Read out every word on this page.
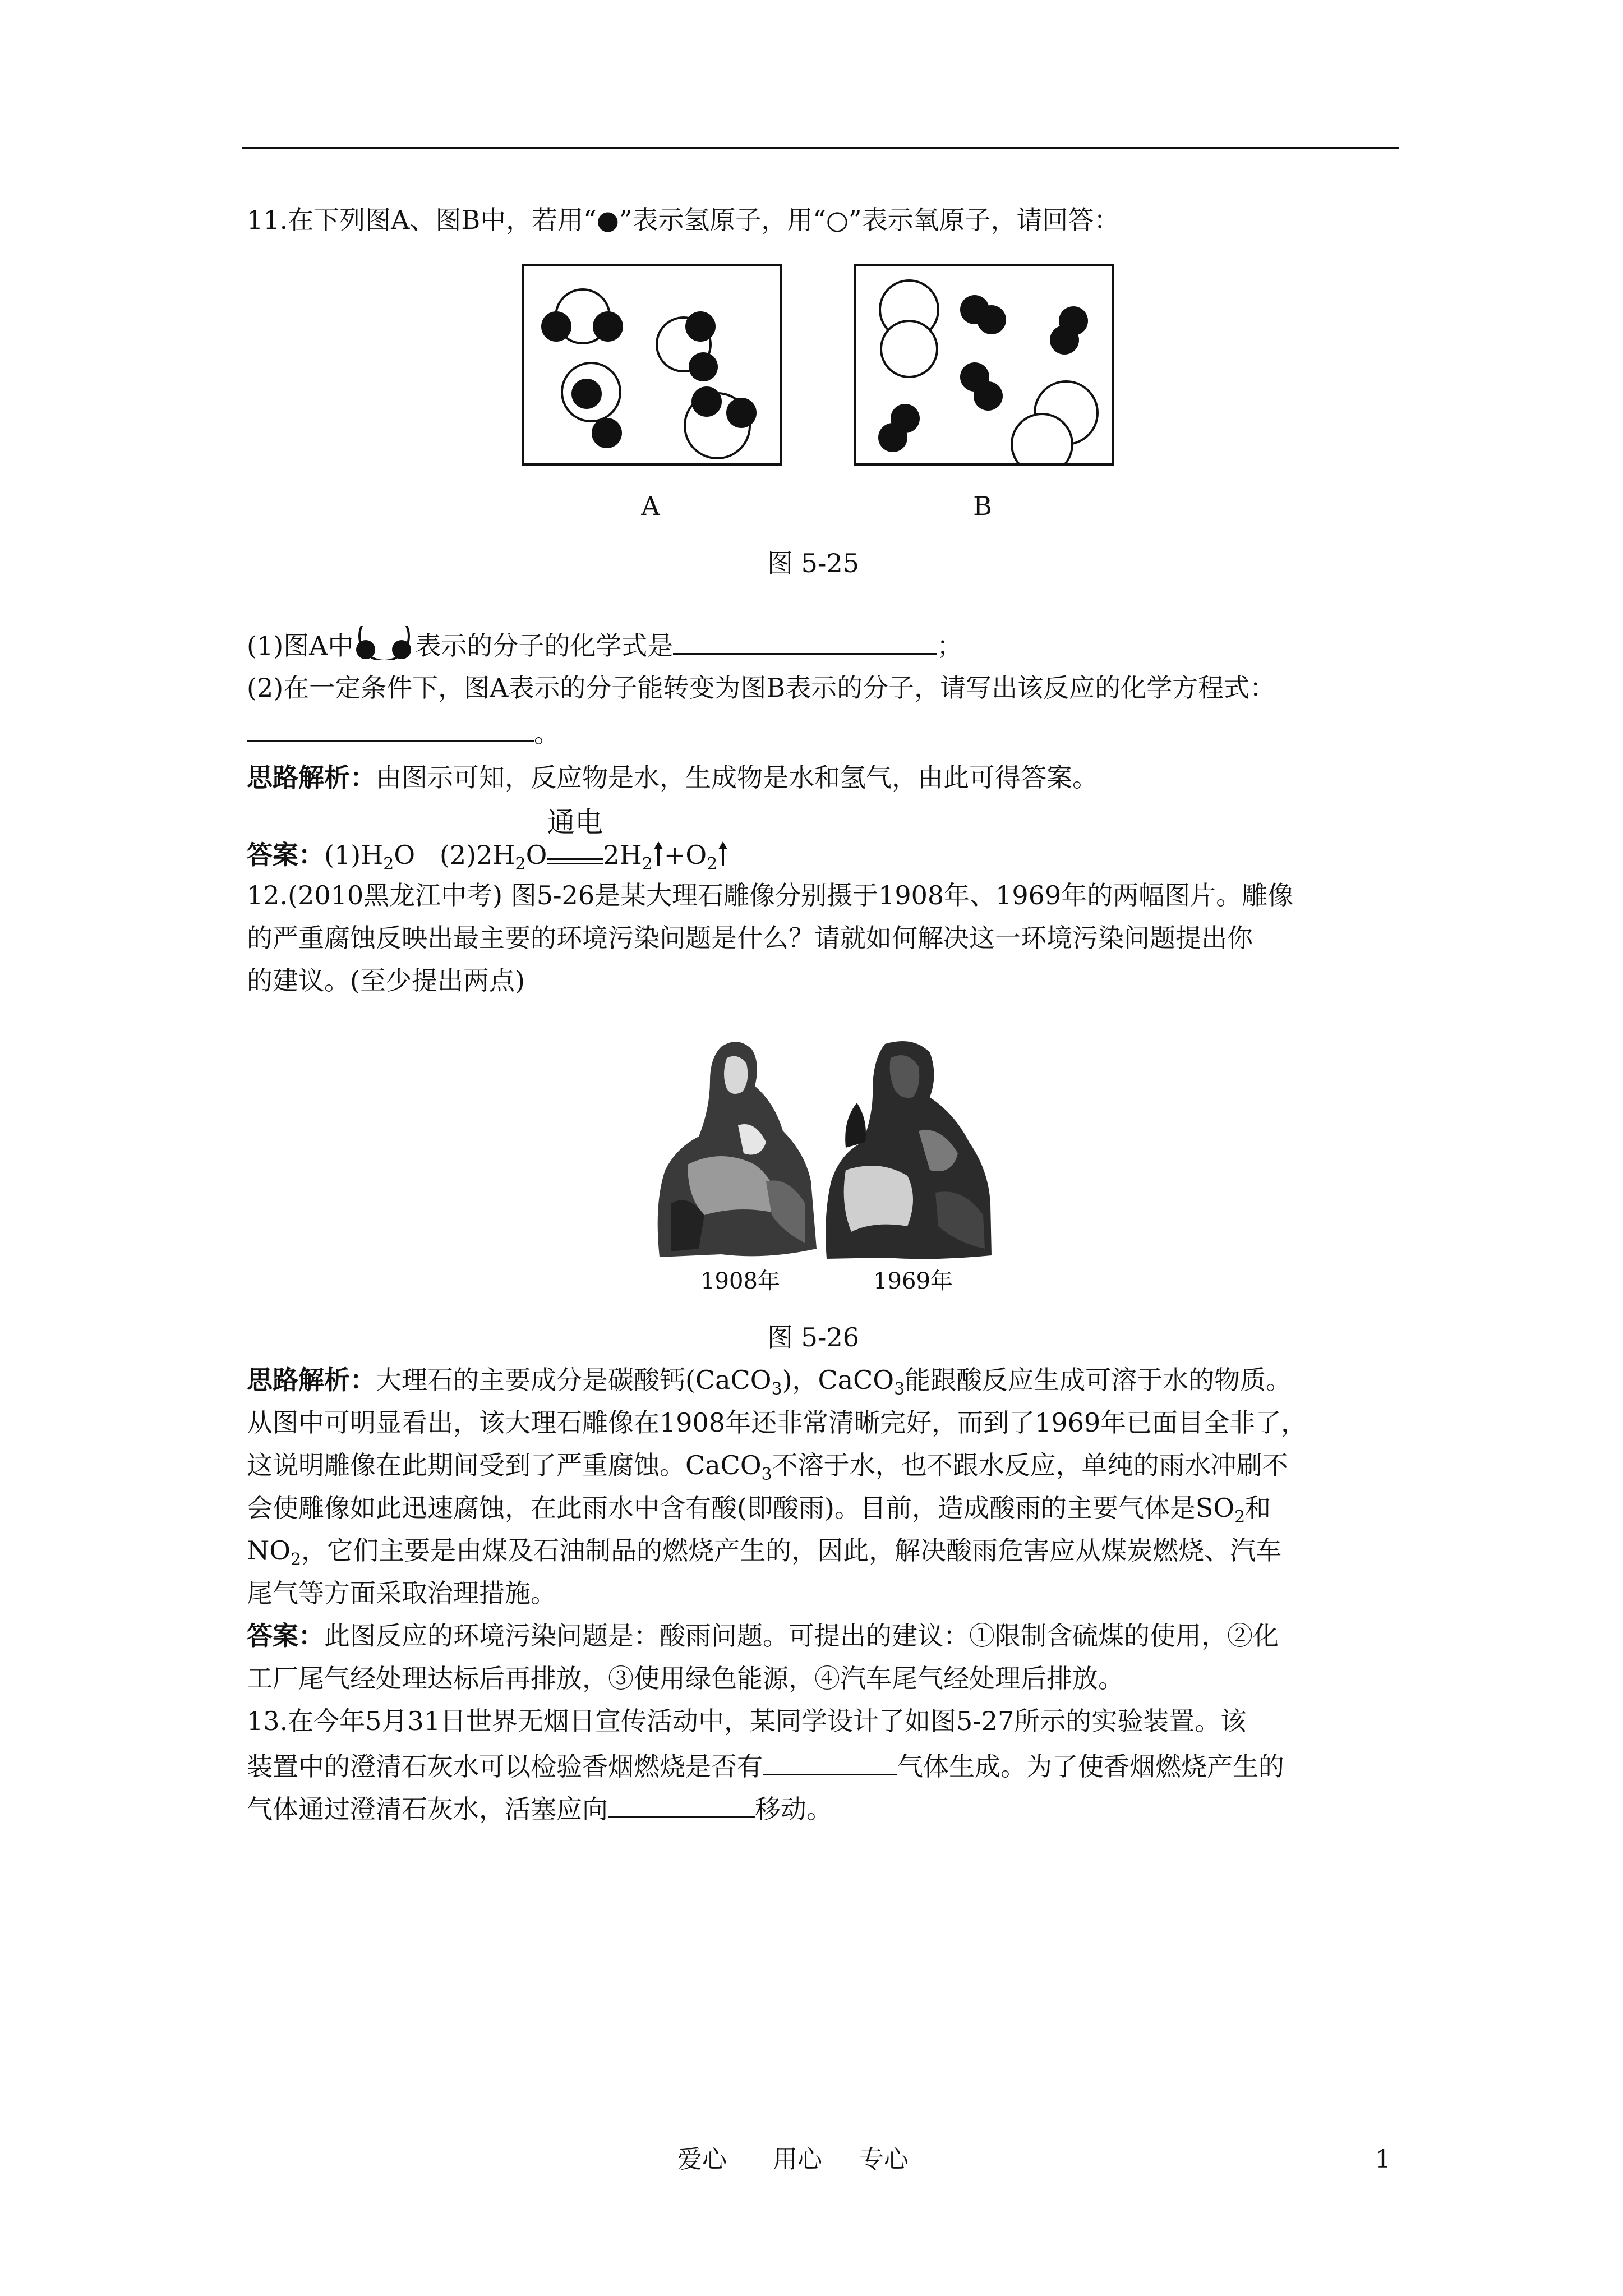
11.在下列图A、图B中，若用“●”表示氢原子，用“○”表示氧原子，请回答：
A	B
图 5-25
(1)图A中 表示的分子的化学式是	；
(2)在一定条件下，图A表示的分子能转变为图B表示的分子，请写出该反应的化学方程式：
。
思路解析：由图示可知，反应物是水，生成物是水和氢气，由此可得答案。
答案：$(1)H_2O$ $(2)2H_2O$
通电
$2H_2 +O_2$
12.(2010黑龙江中考) 图5-26是某大理石雕像分别摄于1908年、1969年的两幅图片。雕像
的严重腐蚀反映出最主要的环境污染问题是什么？请就如何解决这一环境污染问题提出你
的建议。(至少提出两点)
1908年	1969年
图 5-26
思路解析：大理石的主要成分是碳酸钙(CaCO$_3$)，CaCO$_3$能跟酸反应生成可溶于水的物质。
从图中可明显看出，该大理石雕像在1908年还非常清晰完好，而到了1969年已面目全非了，
这说明雕像在此期间受到了严重腐蚀。CaCO$_3$不溶于水，也不跟水反应，单纯的雨水冲刷不
会使雕像如此迅速腐蚀，在此雨水中含有酸(即酸雨)。目前，造成酸雨的主要气体是$SO_2$和
$NO_2$，它们主要是由煤及石油制品的燃烧产生的，因此，解决酸雨危害应从煤炭燃烧、汽车
尾气等方面采取治理措施。
答案：此图反应的环境污染问题是：酸雨问题。可提出的建议：①限制含硫煤的使用，②化
工厂尾气经处理达标后再排放，③使用绿色能源，④汽车尾气经处理后排放。
13.在今年5月31日世界无烟日宣传活动中，某同学设计了如图5-27所示的实验装置。该
装置中的澄清石灰水可以检验香烟燃烧是否有	气体生成。为了使香烟燃烧产生的
气体通过澄清石灰水，活塞应向	移动。
爱心 用心 专心	1
